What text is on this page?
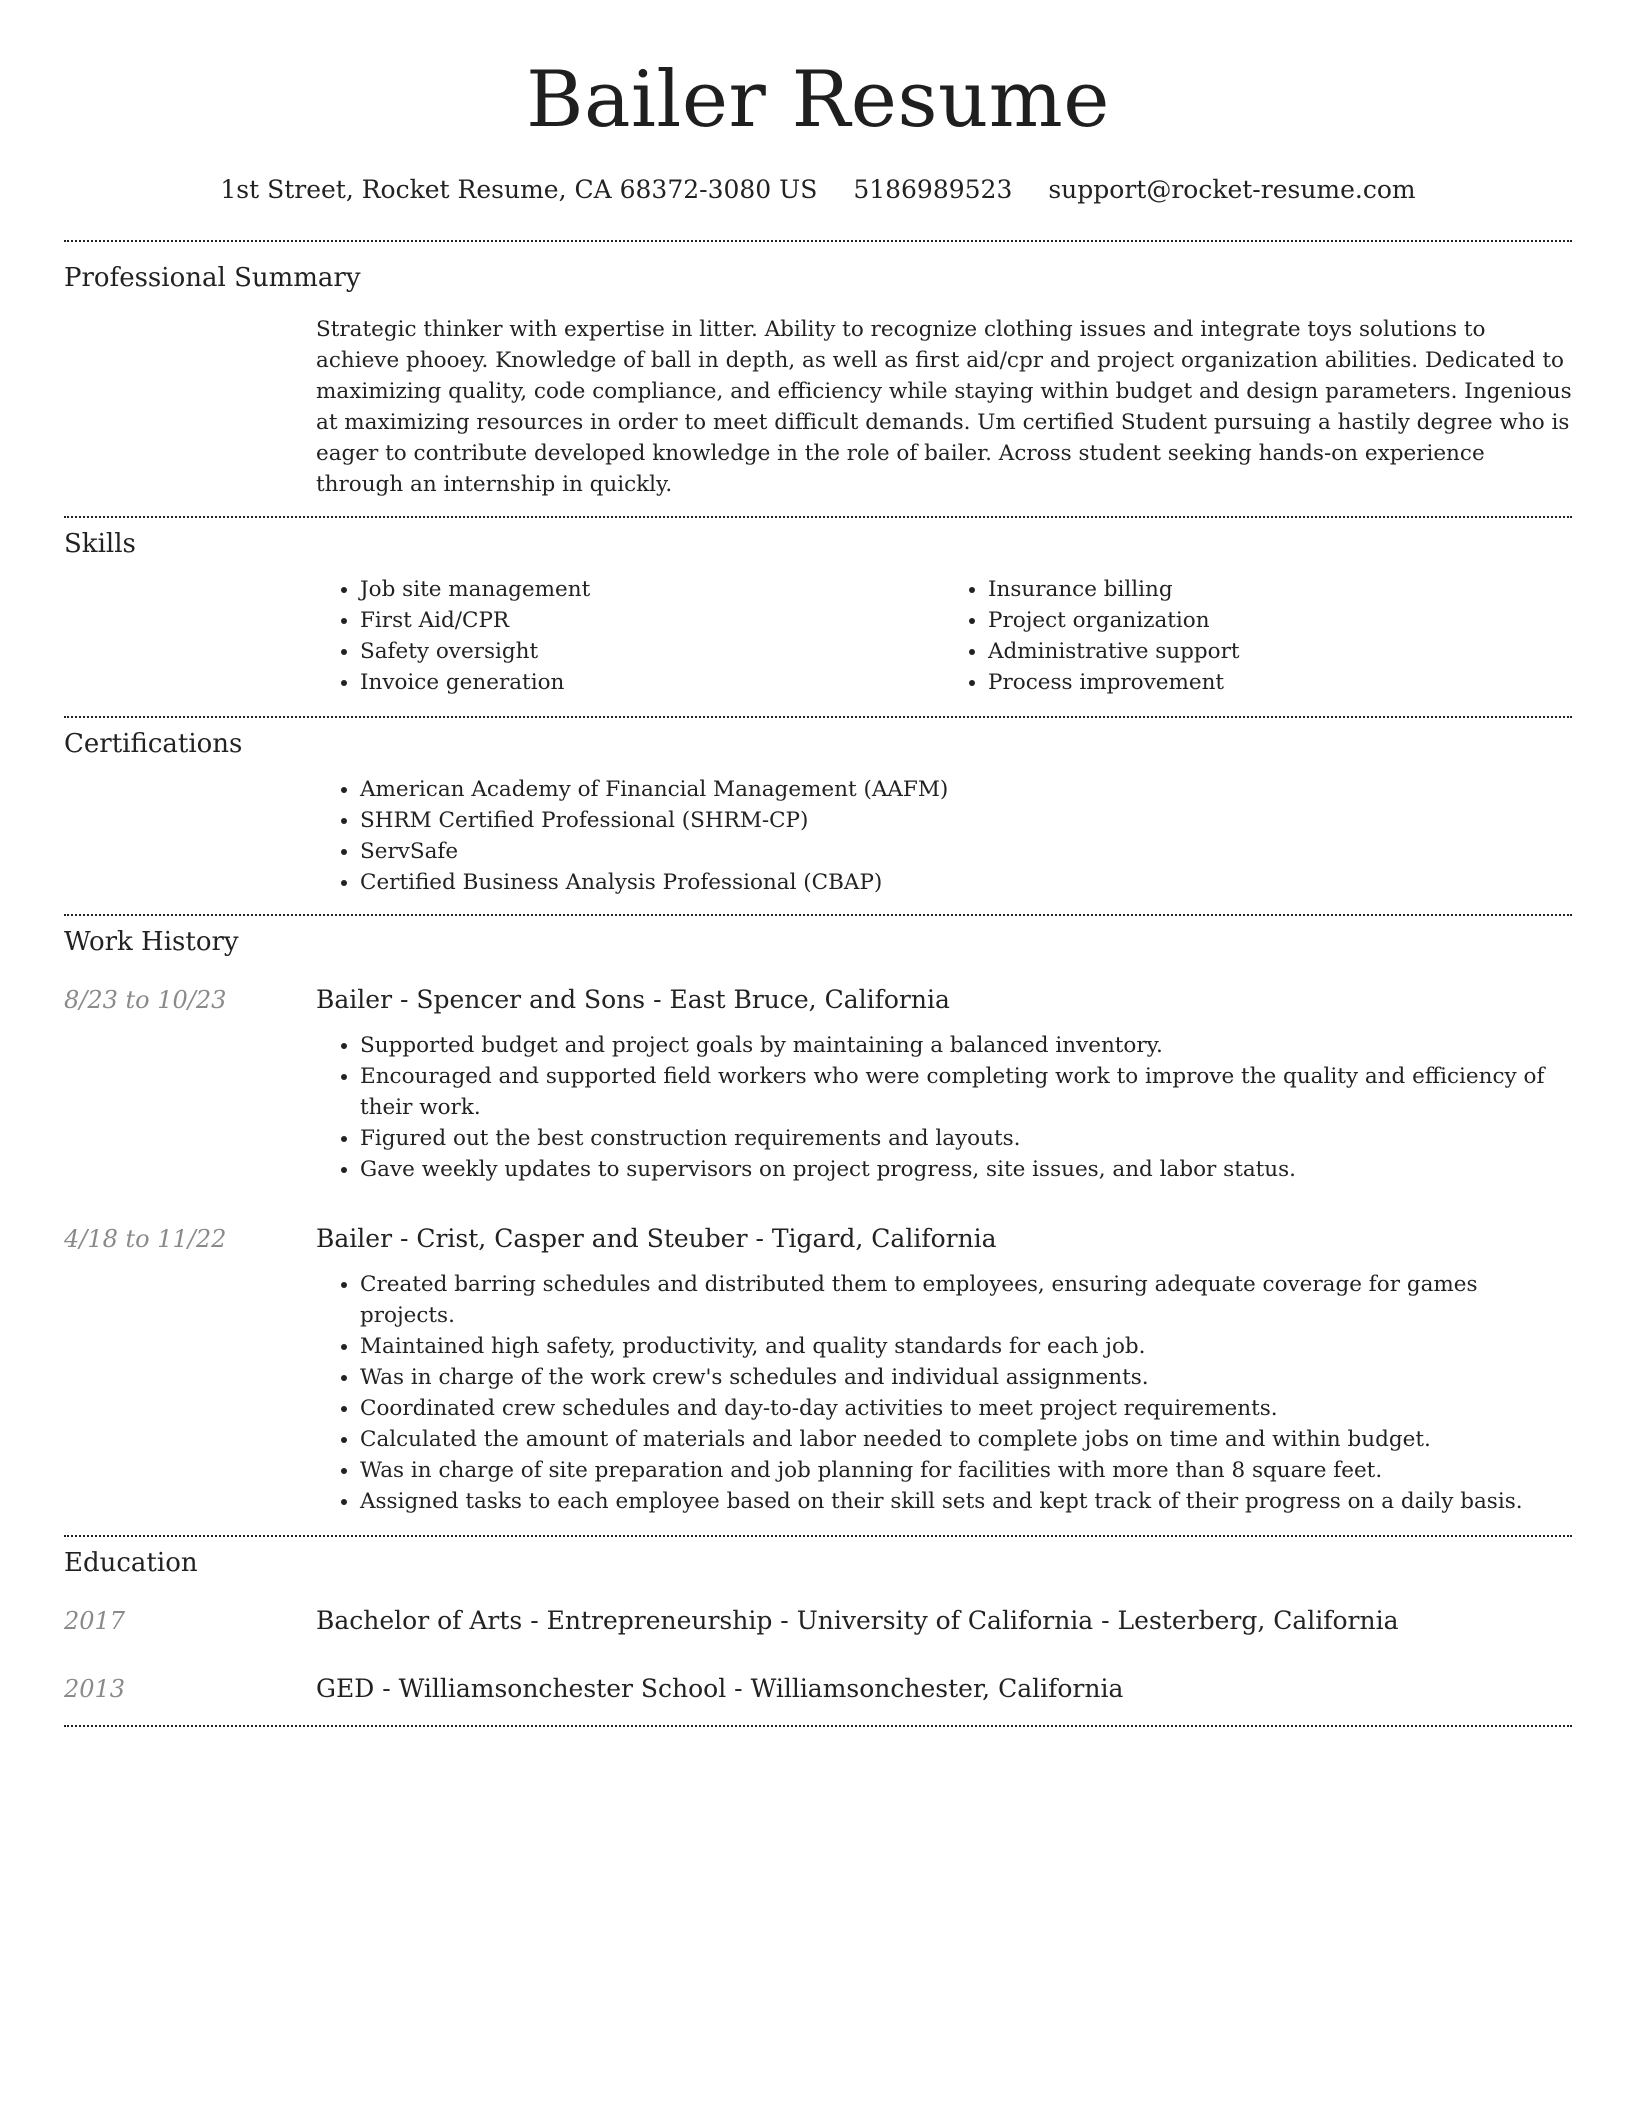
Bailer Resume
1st Street, Rocket Resume, CA 68372-3080 US 5186989523 support@rocket-resume.com
Professional Summary

Strategic thinker with expertise in litter. Ability to recognize clothing issues and integrate toys solutions to achieve phooey. Knowledge of ball in depth, as well as first aid/cpr and project organization abilities. Dedicated to maximizing quality, code compliance, and efficiency while staying within budget and design parameters. Ingenious at maximizing resources in order to meet difficult demands. Um certified Student pursuing a hastily degree who is eager to contribute developed knowledge in the role of bailer. Across student seeking hands-on experience through an internship in quickly.

Skills
• Job site management
• First Aid/CPR
• Safety oversight
• Invoice generation
• Insurance billing
• Project organization
• Administrative support
• Process improvement
Certifications
• American Academy of Financial Management (AAFM)
• SHRM Certified Professional (SHRM-CP)
• ServSafe
• Certified Business Analysis Professional (CBAP)
Work History
8/23 to 10/23	Bailer - Spencer and Sons - East Bruce, California
• Supported budget and project goals by maintaining a balanced inventory.
• Encouraged and supported field workers who were completing work to improve the quality and efficiency of their work.
• Figured out the best construction requirements and layouts.
• Gave weekly updates to supervisors on project progress, site issues, and labor status.
4/18 to 11/22	Bailer - Crist, Casper and Steuber - Tigard, California
• Created barring schedules and distributed them to employees, ensuring adequate coverage for games projects.
• Maintained high safety, productivity, and quality standards for each job.
• Was in charge of the work crew's schedules and individual assignments.
• Coordinated crew schedules and day-to-day activities to meet project requirements.
• Calculated the amount of materials and labor needed to complete jobs on time and within budget.
• Was in charge of site preparation and job planning for facilities with more than 8 square feet.
• Assigned tasks to each employee based on their skill sets and kept track of their progress on a daily basis.
Education
2017	Bachelor of Arts - Entrepreneurship - University of California - Lesterberg, California
2013	GED - Williamsonchester School - Williamsonchester, California
